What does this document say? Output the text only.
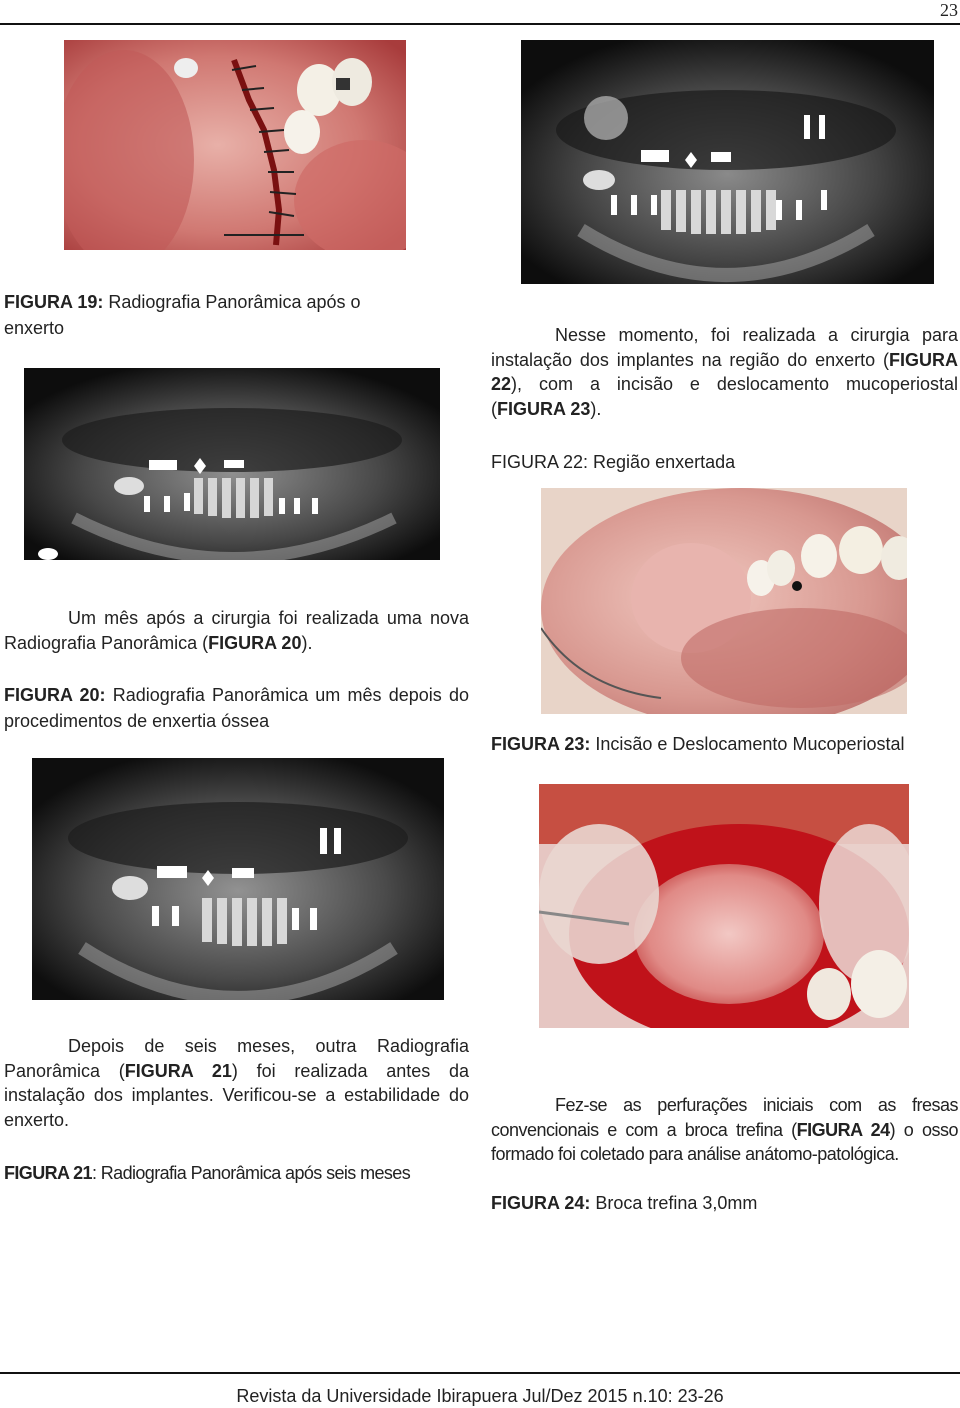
23
FIGURA 19: Radiografia Panorâmica após o enxerto	Nesse momento, foi realizada a cirurgia para instalação dos implantes na região do enxerto (FIGURA 22), com a incisão e deslocamento mucoperiostal (FIGURA 23).
FIGURA 22: Região enxertada
Um mês após a cirurgia foi realizada uma nova Radiografia Panorâmica (FIGURA 20).
FIGURA 20: Radiografia Panorâmica um mês depois do procedimentos de enxertia óssea
FIGURA 23: Incisão e Deslocamento Mucoperiostal
Depois de seis meses, outra Radiografia Panorâmica (FIGURA 21) foi realizada antes da instalação dos implantes. Verificou-se a estabilidade do enxerto.
FIGURA 21: Radiografia Panorâmica após seis meses
Fez-se as perfurações iniciais com as fresas convencionais e com a broca trefina (FIGURA 24) o osso formado foi coletado para análise anátomo-patológica.
FIGURA 24: Broca trefina 3,0mm
Revista da Universidade Ibirapuera Jul/Dez 2015 n.10: 23-26
